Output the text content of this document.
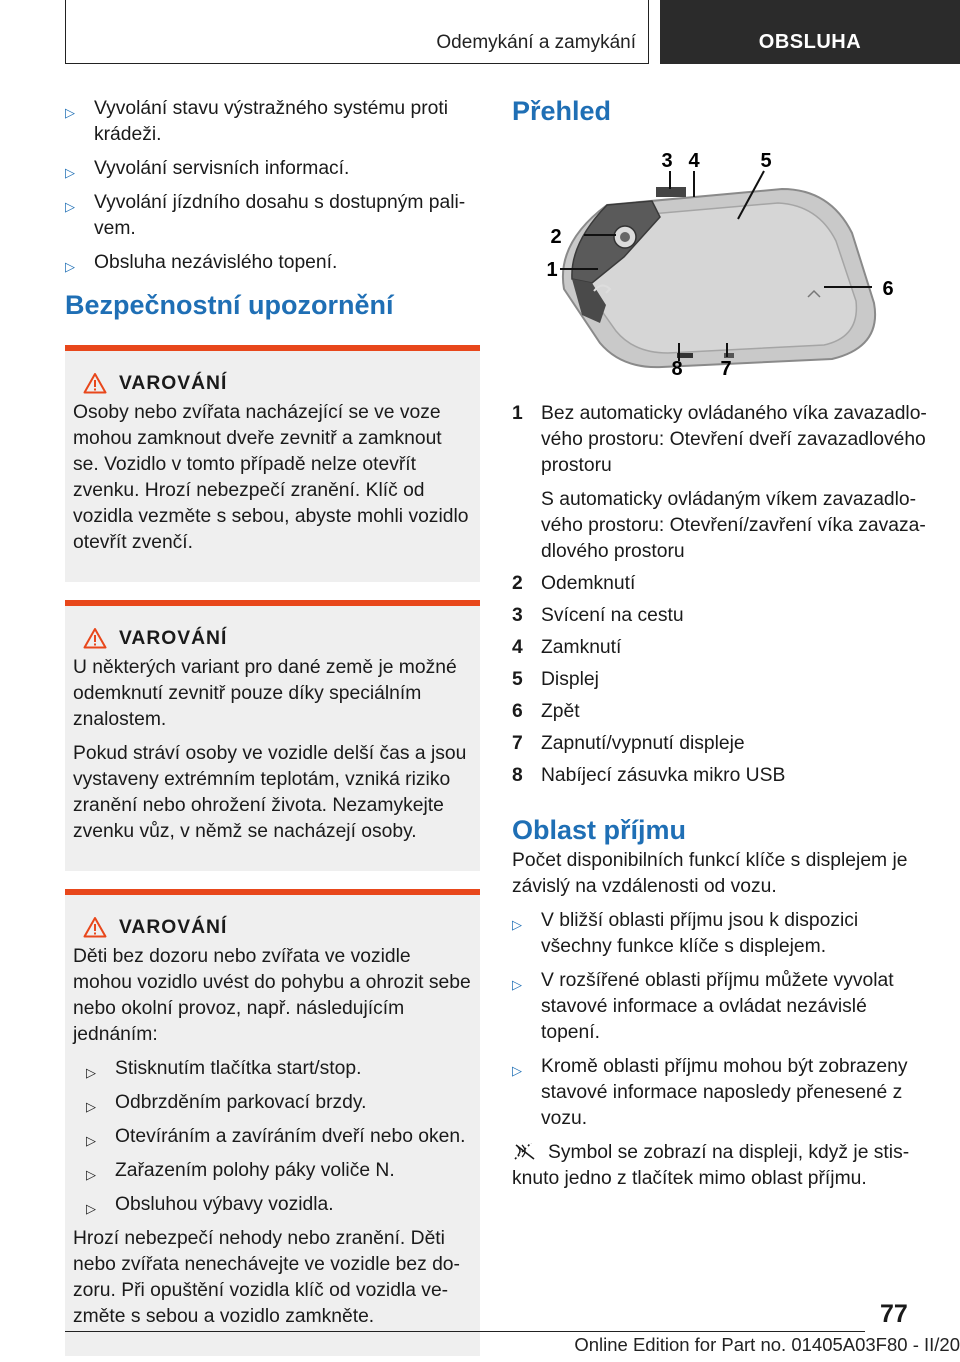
Odemykání a zamykání	OBSLUHA
▷ Vyvolání stavu výstražného systému proti krádeži.
▷ Vyvolání servisních informací.
▷ Vyvolání jízdního dosahu s dostupným palivem.
▷ Obsluha nezávislého topení.
Bezpečnostní upozornění
VAROVÁNÍ

Osoby nebo zvířata nacházející se ve voze mohou zamknout dveře zevnitř a zamknout se. Vozidlo v tomto případě nelze otevřít zvenku. Hrozí nebezpečí zranění. Klíč od vozidla vezměte s sebou, abyste mohli vozidlo otevřít zvenčí.

VAROVÁNÍ

U některých variant pro dané země je možné odemknutí zevnitř pouze díky speciálním znalostem.

Pokud stráví osoby ve vozidle delší čas a jsou vystaveny extrémním teplotám, vzniká riziko zranění nebo ohrožení života. Nezamykejte zvenku vůz, v němž se nacházejí osoby.

VAROVÁNÍ

Děti bez dozoru nebo zvířata ve vozidle mohou vozidlo uvést do pohybu a ohrozit sebe nebo okolní provoz, např. následujícím jednáním:

▷ Stisknutím tlačítka start/stop.
▷ Odbrzděním parkovací brzdy.
▷ Otevíráním a zavíráním dveří nebo oken.
▷ Zařazením polohy páky voliče N.
▷ Obsluhou výbavy vozidla.

Hrozí nebezpečí nehody nebo zranění. Děti nebo zvířata nenechávejte ve vozidle bez dozoru. Při opuštění vozidla klíč od vozidla vezměte s sebou a vozidlo zamkněte.

Přehled
1
2
3 4	5
6
7
8
1 Bez automaticky ovládaného víka zavazadlového prostoru: Otevření dveří zavazadlového prostoru
S automaticky ovládaným víkem zavazadlového prostoru: Otevření/zavření víka zavazadlového prostoru
2 Odemknutí
3 Svícení na cestu
4 Zamknutí
5 Displej
6 Zpět
7 Zapnutí/vypnutí displeje
8 Nabíjecí zásuvka mikro USB
Oblast příjmu

Počet disponibilních funkcí klíče s displejem je závislý na vzdálenosti od vozu.

▷ V bližší oblasti příjmu jsou k dispozici všechny funkce klíče s displejem.
▷ V rozšířené oblasti příjmu můžete vyvolat stavové informace a ovládat nezávislé topení.
▷ Kromě oblasti příjmu mohou být zobrazeny stavové informace naposledy přenesené z vozu.

Symbol se zobrazí na displeji, když je stisknuto jedno z tlačítek mimo oblast příjmu.

77
Online Edition for Part no. 01405A03F80 - II/20
